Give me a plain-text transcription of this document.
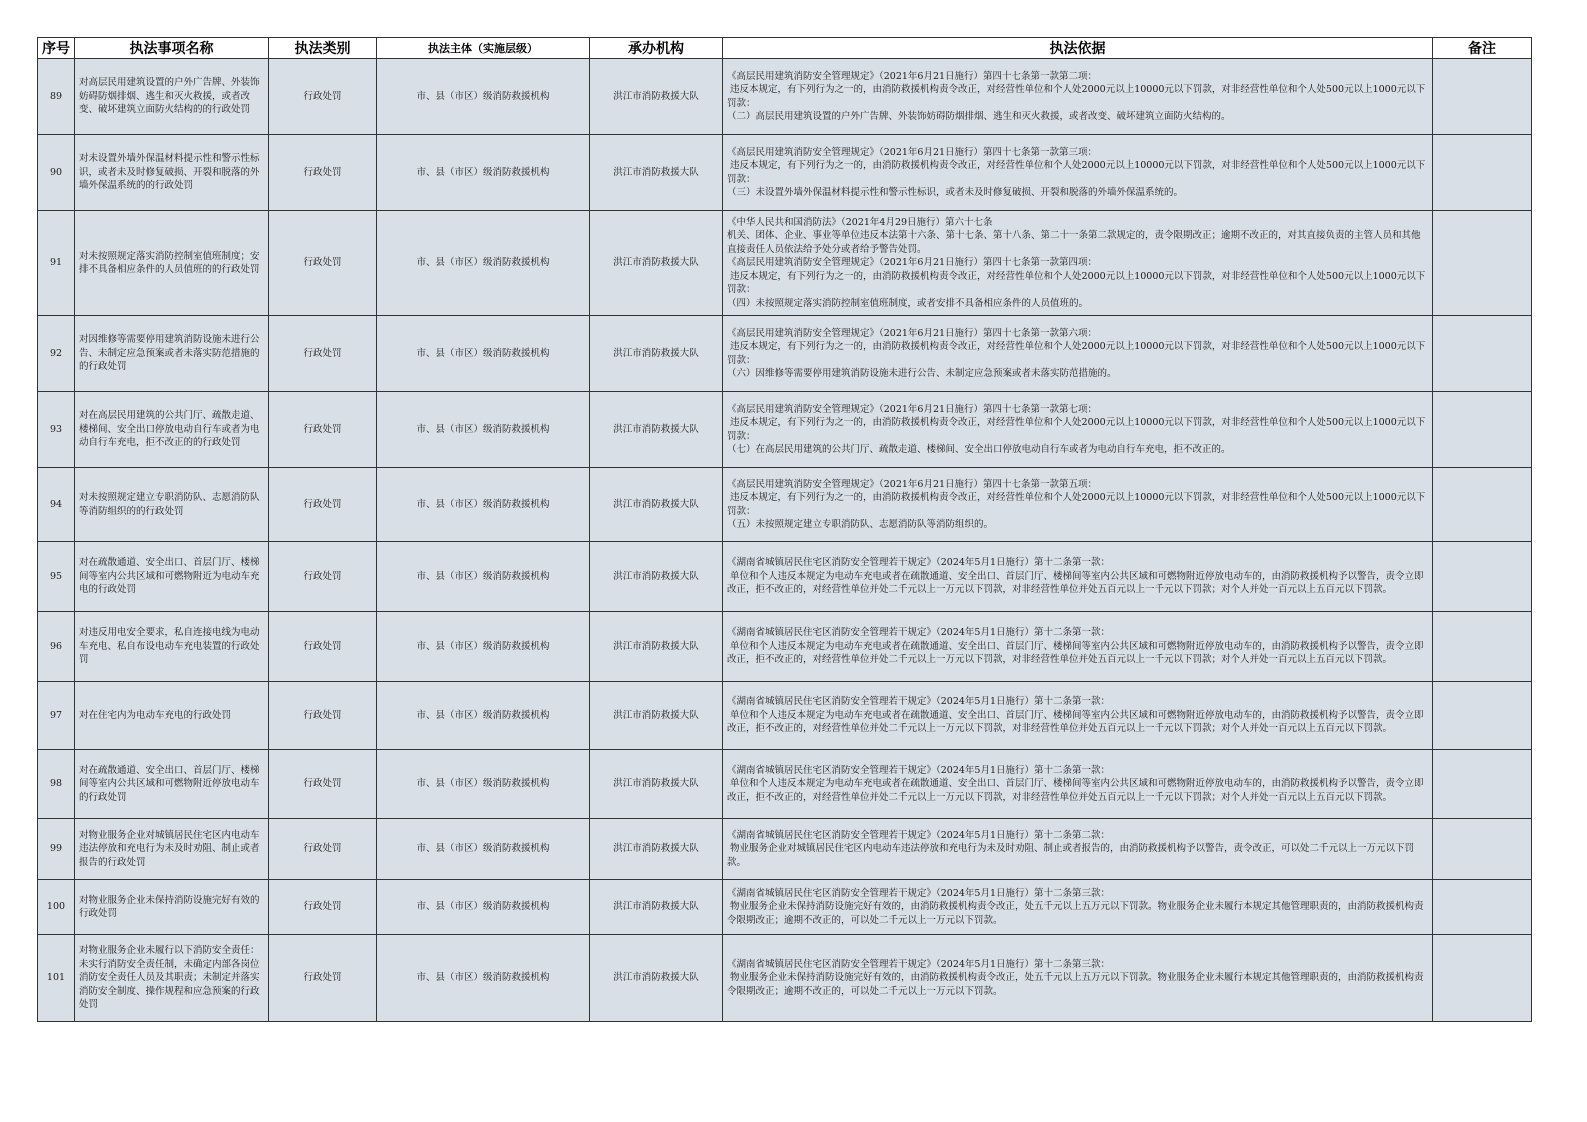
序号	执法事项名称	执法类别	执法主体（实施层级）	承办机构	执法依据	备注
89	对高层民用建筑设置的户外广告牌、外装饰妨碍防烟排烟、逃生和灭火救援，或者改变、破坏建筑立面防火结构的的行政处罚	行政处罚	市、县（市区）级消防救援机构	洪江市消防救援大队	《高层民用建筑消防安全管理规定》（2021年6月21日施行）第四十七条第一款第二项：
违反本规定，有下列行为之一的，由消防救援机构责令改正，对经营性单位和个人处2000元以上10000元以下罚款，对非经营性单位和个人处500元以上1000元以下罚款：
（二）高层民用建筑设置的户外广告牌、外装饰妨碍防烟排烟、逃生和灭火救援，或者改变、破坏建筑立面防火结构的。	
90	对未设置外墙外保温材料提示性和警示性标识，或者未及时修复破损、开裂和脱落的外墙外保温系统的的行政处罚	行政处罚	市、县（市区）级消防救援机构	洪江市消防救援大队	《高层民用建筑消防安全管理规定》（2021年6月21日施行）第四十七条第一款第三项：
违反本规定，有下列行为之一的，由消防救援机构责令改正，对经营性单位和个人处2000元以上10000元以下罚款，对非经营性单位和个人处500元以上1000元以下罚款：
（三）未设置外墙外保温材料提示性和警示性标识，或者未及时修复破损、开裂和脱落的外墙外保温系统的。	
91	对未按照规定落实消防控制室值班制度；安排不具备相应条件的人员值班的的行政处罚	行政处罚	市、县（市区）级消防救援机构	洪江市消防救援大队	《中华人民共和国消防法》（2021年4月29日施行）第六十七条
机关、团体、企业、事业等单位违反本法第十六条、第十七条、第十八条、第二十一条第二款规定的，责令限期改正；逾期不改正的，对其直接负责的主管人员和其他直接责任人员依法给予处分或者给予警告处罚。
《高层民用建筑消防安全管理规定》（2021年6月21日施行）第四十七条第一款第四项：
违反本规定，有下列行为之一的，由消防救援机构责令改正，对经营性单位和个人处2000元以上10000元以下罚款，对非经营性单位和个人处500元以上1000元以下罚款：
（四）未按照规定落实消防控制室值班制度，或者安排不具备相应条件的人员值班的。	
92	对因维修等需要停用建筑消防设施未进行公告、未制定应急预案或者未落实防范措施的的行政处罚	行政处罚	市、县（市区）级消防救援机构	洪江市消防救援大队	《高层民用建筑消防安全管理规定》（2021年6月21日施行）第四十七条第一款第六项：
违反本规定，有下列行为之一的，由消防救援机构责令改正，对经营性单位和个人处2000元以上10000元以下罚款，对非经营性单位和个人处500元以上1000元以下罚款：
（六）因维修等需要停用建筑消防设施未进行公告、未制定应急预案或者未落实防范措施的。	
93	对在高层民用建筑的公共门厅、疏散走道、楼梯间、安全出口停放电动自行车或者为电动自行车充电，拒不改正的的行政处罚	行政处罚	市、县（市区）级消防救援机构	洪江市消防救援大队	《高层民用建筑消防安全管理规定》（2021年6月21日施行）第四十七条第一款第七项：
违反本规定，有下列行为之一的，由消防救援机构责令改正，对经营性单位和个人处2000元以上10000元以下罚款，对非经营性单位和个人处500元以上1000元以下罚款：
（七）在高层民用建筑的公共门厅、疏散走道、楼梯间、安全出口停放电动自行车或者为电动自行车充电，拒不改正的。	
94	对未按照规定建立专职消防队、志愿消防队等消防组织的的行政处罚	行政处罚	市、县（市区）级消防救援机构	洪江市消防救援大队	《高层民用建筑消防安全管理规定》（2021年6月21日施行）第四十七条第一款第五项：
违反本规定，有下列行为之一的，由消防救援机构责令改正，对经营性单位和个人处2000元以上10000元以下罚款，对非经营性单位和个人处500元以上1000元以下罚款：
（五）未按照规定建立专职消防队、志愿消防队等消防组织的。	
95	对在疏散通道、安全出口、首层门厅、楼梯间等室内公共区域和可燃物附近为电动车充电的行政处罚	行政处罚	市、县（市区）级消防救援机构	洪江市消防救援大队	《湖南省城镇居民住宅区消防安全管理若干规定》（2024年5月1日施行）第十二条第一款：
单位和个人违反本规定为电动车充电或者在疏散通道、安全出口、首层门厅、楼梯间等室内公共区域和可燃物附近停放电动车的，由消防救援机构予以警告，责令立即改正，拒不改正的，对经营性单位并处二千元以上一万元以下罚款，对非经营性单位并处五百元以上一千元以下罚款；对个人并处一百元以上五百元以下罚款。	
96	对违反用电安全要求，私自连接电线为电动车充电、私自布设电动车充电装置的行政处罚	行政处罚	市、县（市区）级消防救援机构	洪江市消防救援大队	《湖南省城镇居民住宅区消防安全管理若干规定》（2024年5月1日施行）第十二条第一款：
单位和个人违反本规定为电动车充电或者在疏散通道、安全出口、首层门厅、楼梯间等室内公共区域和可燃物附近停放电动车的，由消防救援机构予以警告，责令立即改正，拒不改正的，对经营性单位并处二千元以上一万元以下罚款，对非经营性单位并处五百元以上一千元以下罚款；对个人并处一百元以上五百元以下罚款。	
97	对在住宅内为电动车充电的行政处罚	行政处罚	市、县（市区）级消防救援机构	洪江市消防救援大队	《湖南省城镇居民住宅区消防安全管理若干规定》（2024年5月1日施行）第十二条第一款：
单位和个人违反本规定为电动车充电或者在疏散通道、安全出口、首层门厅、楼梯间等室内公共区域和可燃物附近停放电动车的，由消防救援机构予以警告，责令立即改正，拒不改正的，对经营性单位并处二千元以上一万元以下罚款，对非经营性单位并处五百元以上一千元以下罚款；对个人并处一百元以上五百元以下罚款。	
98	对在疏散通道、安全出口、首层门厅、楼梯间等室内公共区域和可燃物附近停放电动车的行政处罚	行政处罚	市、县（市区）级消防救援机构	洪江市消防救援大队	《湖南省城镇居民住宅区消防安全管理若干规定》（2024年5月1日施行）第十二条第一款：
单位和个人违反本规定为电动车充电或者在疏散通道、安全出口、首层门厅、楼梯间等室内公共区域和可燃物附近停放电动车的，由消防救援机构予以警告，责令立即改正，拒不改正的，对经营性单位并处二千元以上一万元以下罚款，对非经营性单位并处五百元以上一千元以下罚款；对个人并处一百元以上五百元以下罚款。	
99	对物业服务企业对城镇居民住宅区内电动车违法停放和充电行为未及时劝阻、制止或者报告的行政处罚	行政处罚	市、县（市区）级消防救援机构	洪江市消防救援大队	《湖南省城镇居民住宅区消防安全管理若干规定》（2024年5月1日施行）第十二条第二款：
物业服务企业对城镇居民住宅区内电动车违法停放和充电行为未及时劝阻、制止或者报告的，由消防救援机构予以警告，责令改正，可以处二千元以上一万元以下罚款。	
100	对物业服务企业未保持消防设施完好有效的行政处罚	行政处罚	市、县（市区）级消防救援机构	洪江市消防救援大队	《湖南省城镇居民住宅区消防安全管理若干规定》（2024年5月1日施行）第十二条第三款：
物业服务企业未保持消防设施完好有效的，由消防救援机构责令改正，处五千元以上五万元以下罚款。物业服务企业未履行本规定其他管理职责的，由消防救援机构责令限期改正；逾期不改正的，可以处二千元以上一万元以下罚款。	
101	对物业服务企业未履行以下消防安全责任：未实行消防安全责任制，未确定内部各岗位消防安全责任人员及其职责；未制定并落实消防安全制度、操作规程和应急预案的行政处罚	行政处罚	市、县（市区）级消防救援机构	洪江市消防救援大队	《湖南省城镇居民住宅区消防安全管理若干规定》（2024年5月1日施行）第十二条第三款：
物业服务企业未保持消防设施完好有效的，由消防救援机构责令改正，处五千元以上五万元以下罚款。物业服务企业未履行本规定其他管理职责的，由消防救援机构责令限期改正；逾期不改正的，可以处二千元以上一万元以下罚款。	
